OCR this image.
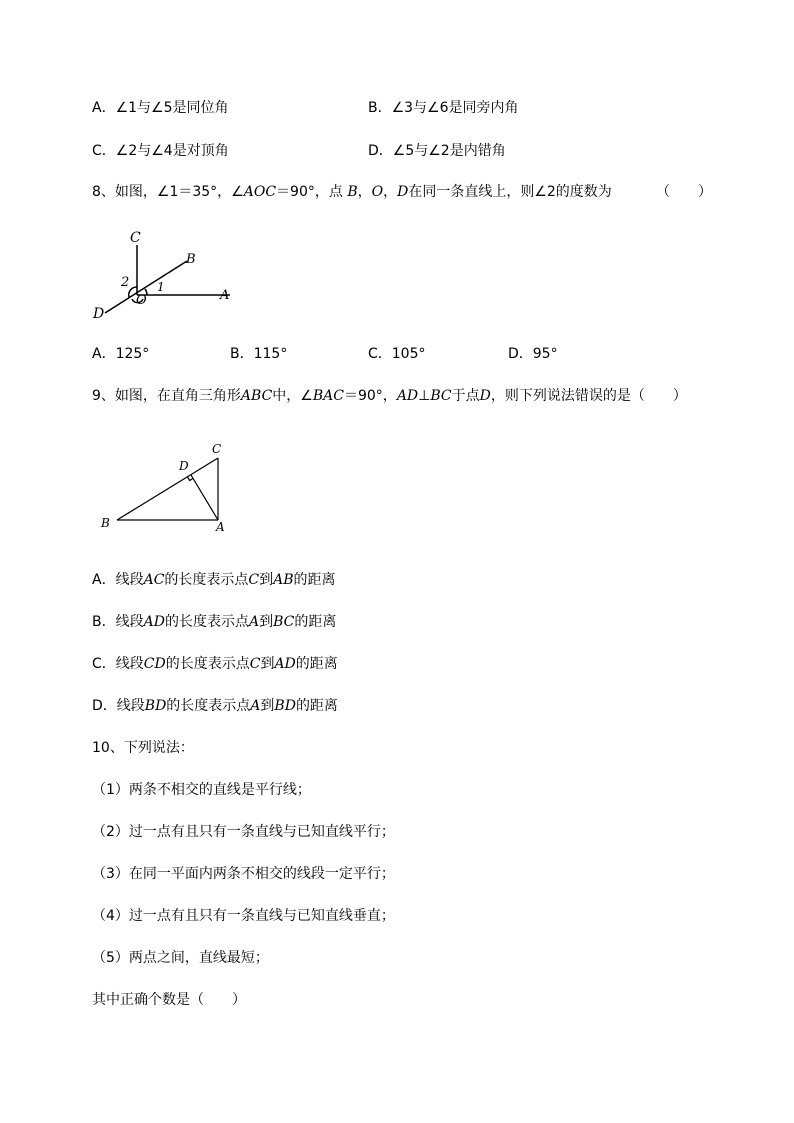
A．∠1与∠5是同位角	B．∠3与∠6是同旁内角
C．∠2与∠4是对顶角	D．∠5与∠2是内错角
8、如图，∠1＝35°，∠AOC＝90°，点 B，O，D在同一条直线上，则∠2的度数为	（　　）
C
B
2 1
O	A
D
A．125°	B．115°	C．105°	D．95°
9、如图，在直角三角形ABC中，∠BAC＝90°，AD⊥BC于点D，则下列说法错误的是（　　）
C
D
B	A
A．线段AC的长度表示点C到AB的距离
B．线段AD的长度表示点A到BC的距离
C．线段CD的长度表示点C到AD的距离
D．线段BD的长度表示点A到BD的距离
10、下列说法：
（1）两条不相交的直线是平行线；
（2）过一点有且只有一条直线与已知直线平行；
（3）在同一平面内两条不相交的线段一定平行；
（4）过一点有且只有一条直线与已知直线垂直；
（5）两点之间，直线最短；
其中正确个数是（　　）
